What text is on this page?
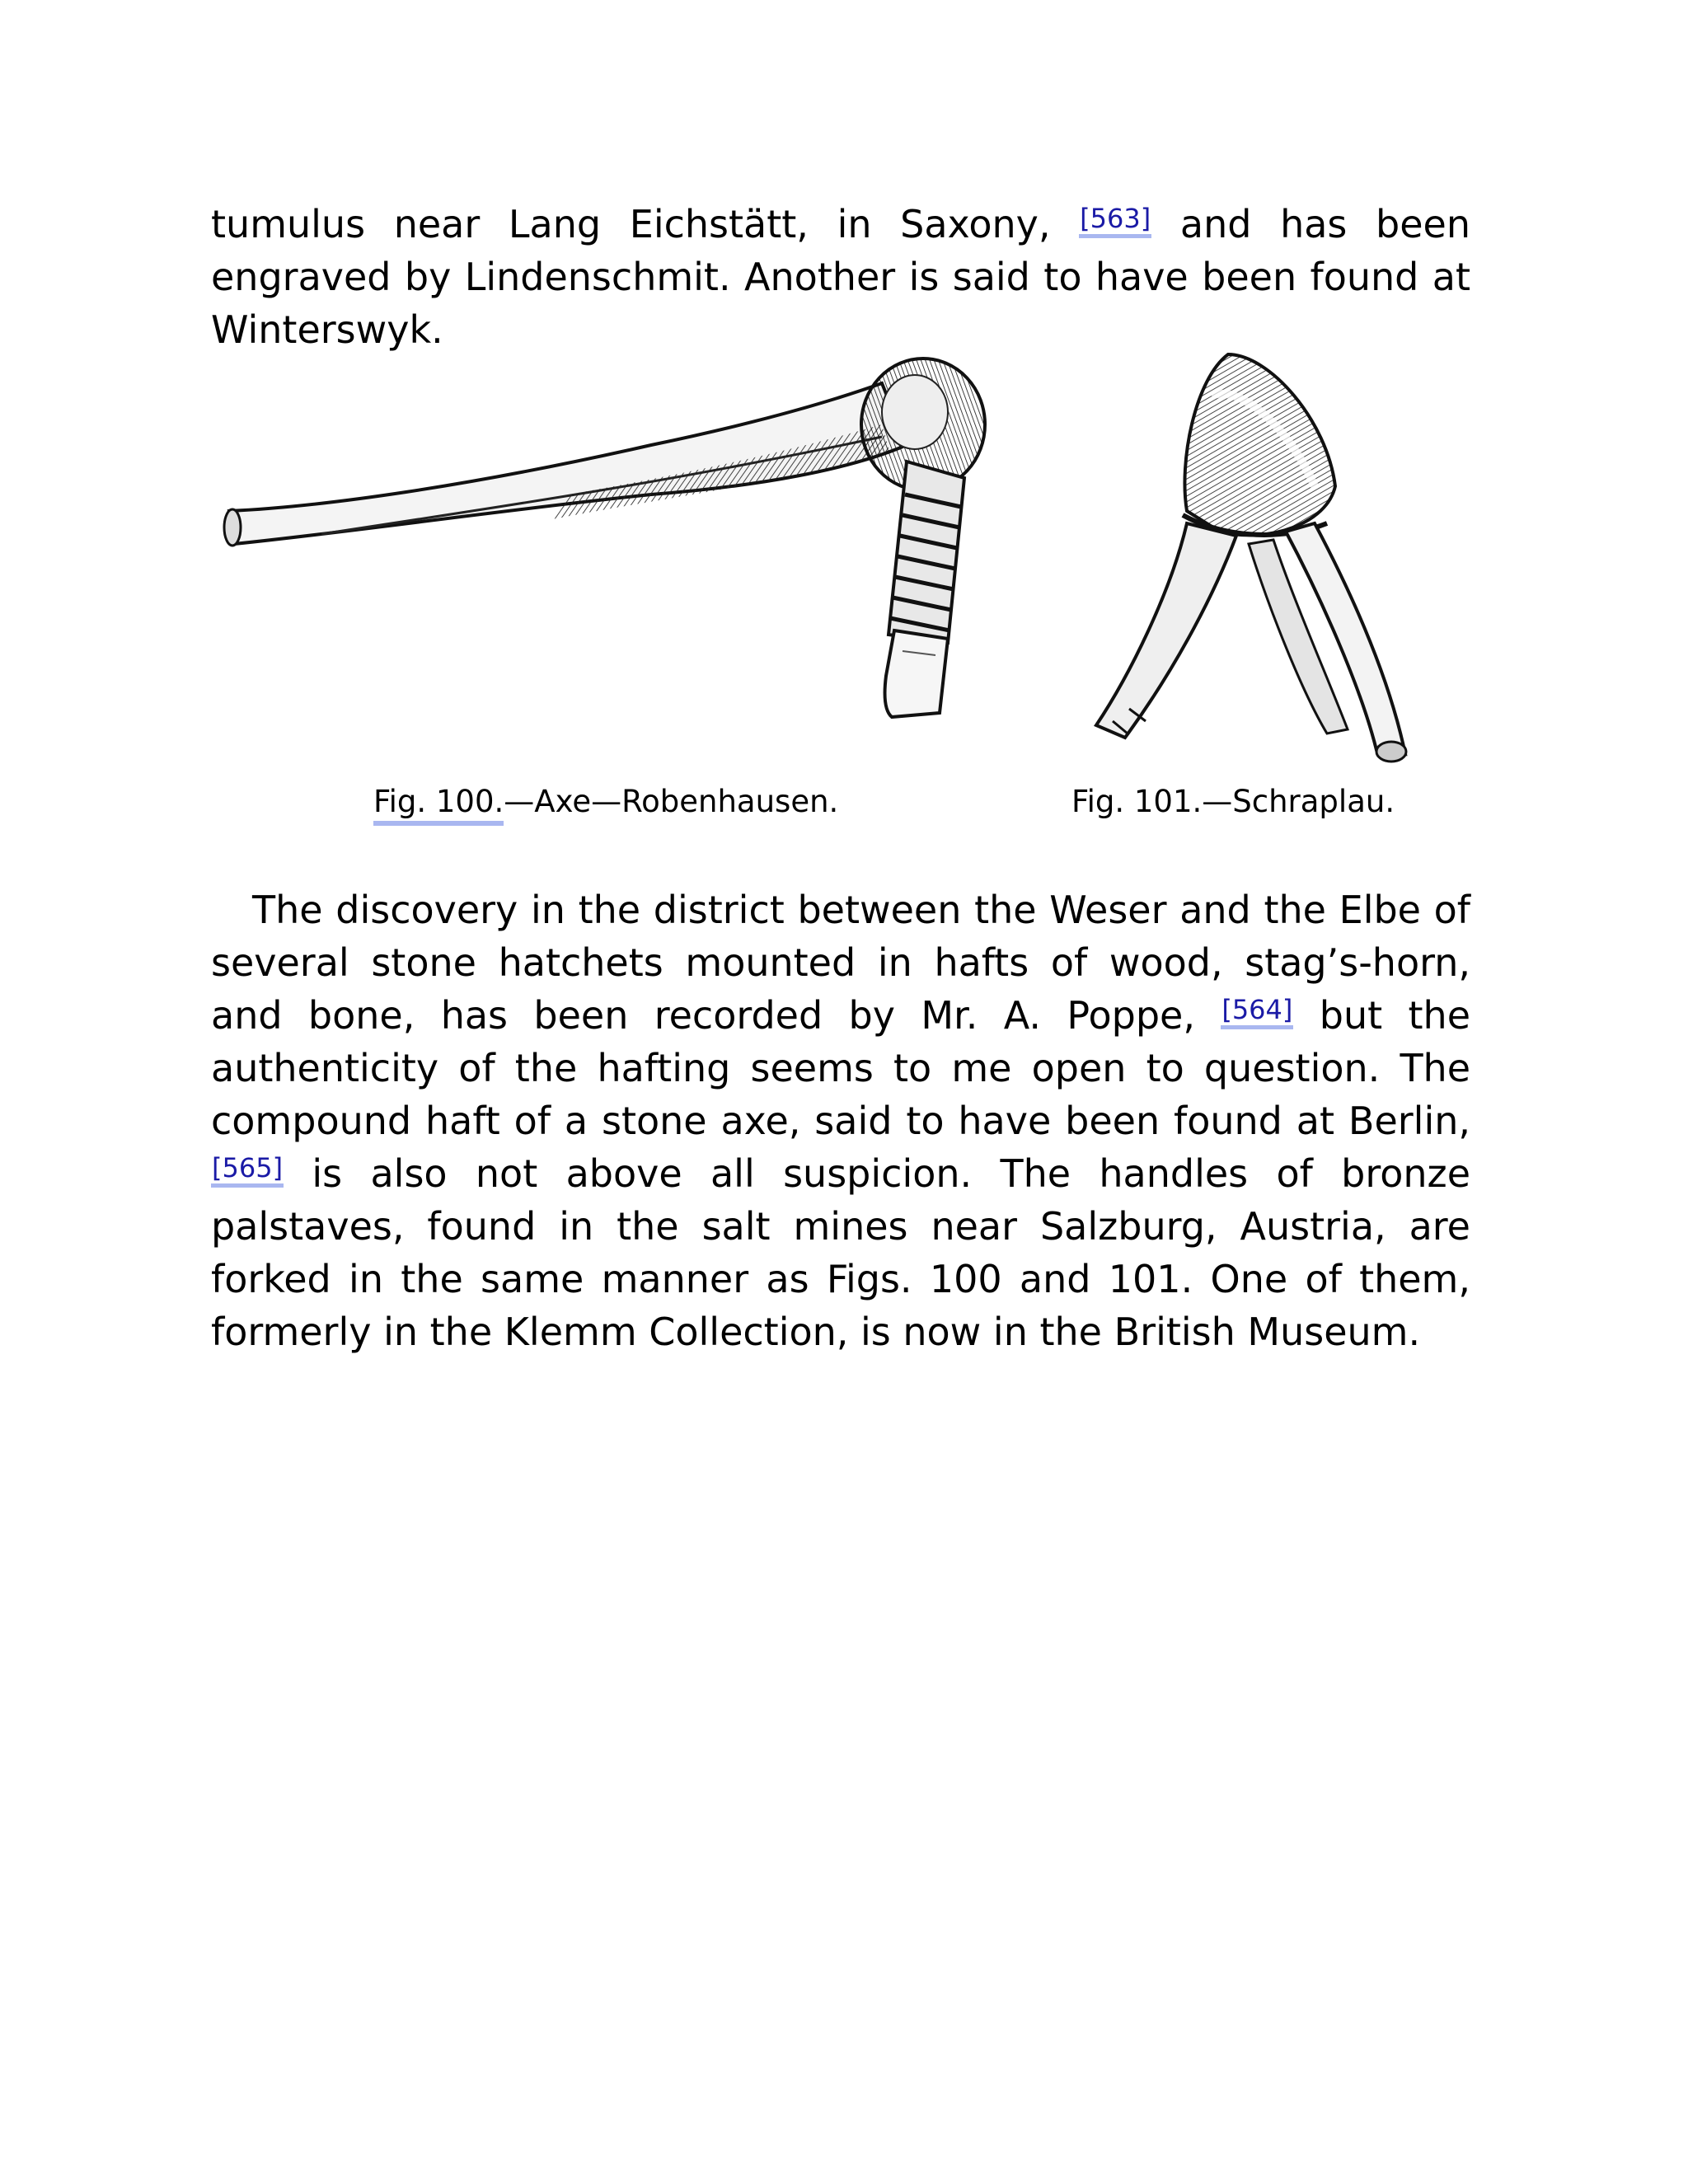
tumulus near Lang Eichstätt, in Saxony, [563] and has been engraved by Lindenschmit. Another is said to have been found at Winterswyk.

Fig. 100.—Axe—Robenhausen.	Fig. 101.—Schraplau.

The discovery in the district between the Weser and the Elbe of several stone hatchets mounted in hafts of wood, stag’s-horn, and bone, has been recorded by Mr. A. Poppe, [564] but the authenticity of the hafting seems to me open to question. The compound haft of a stone axe, said to have been found at Berlin, [565] is also not above all suspicion. The handles of bronze palstaves, found in the salt mines near Salzburg, Austria, are forked in the same manner as Figs. 100 and 101. One of them, formerly in the Klemm Collection, is now in the British Museum.
